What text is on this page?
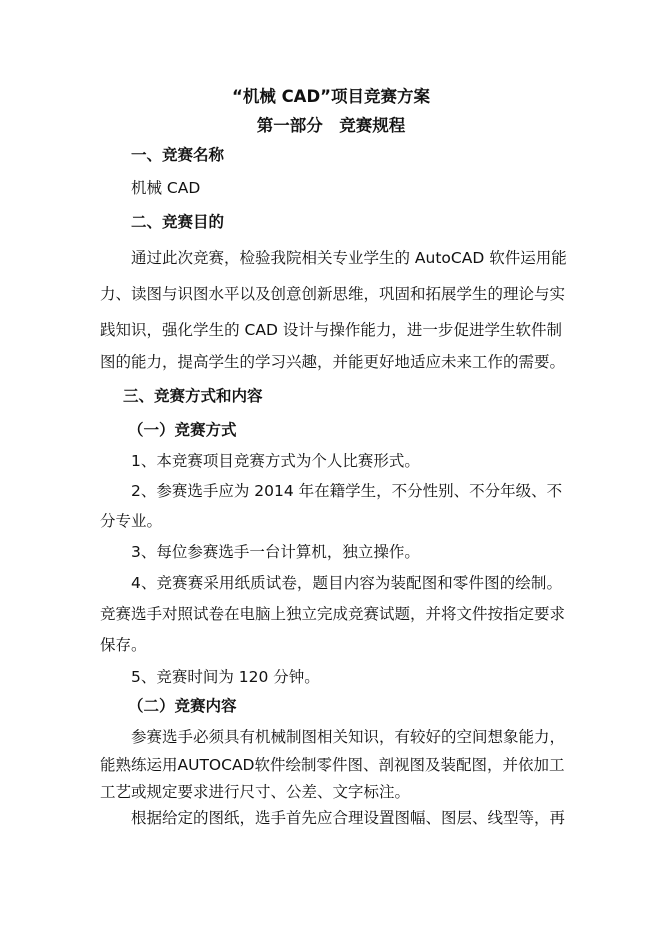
“机械 CAD”项目竞赛方案
第一部分　竞赛规程
一、竞赛名称
机械 CAD
二、竞赛目的
通过此次竞赛，检验我院相关专业学生的 AutoCAD 软件运用能
力、读图与识图水平以及创意创新思维，巩固和拓展学生的理论与实
践知识，强化学生的 CAD 设计与操作能力，进一步促进学生软件制
图的能力，提高学生的学习兴趣，并能更好地适应未来工作的需要。
三、竞赛方式和内容
（一）竞赛方式
1、本竞赛项目竞赛方式为个人比赛形式。
2、参赛选手应为 2014 年在籍学生，不分性别、不分年级、不
分专业。
3、每位参赛选手一台计算机，独立操作。
4、竞赛赛采用纸质试卷，题目内容为装配图和零件图的绘制。
竞赛选手对照试卷在电脑上独立完成竞赛试题，并将文件按指定要求
保存。
5、竞赛时间为 120 分钟。
（二）竞赛内容
参赛选手必须具有机械制图相关知识，有较好的空间想象能力，
能熟练运用AUTOCAD软件绘制零件图、剖视图及装配图，并依加工
工艺或规定要求进行尺寸、公差、文字标注。
根据给定的图纸，选手首先应合理设置图幅、图层、线型等，再
